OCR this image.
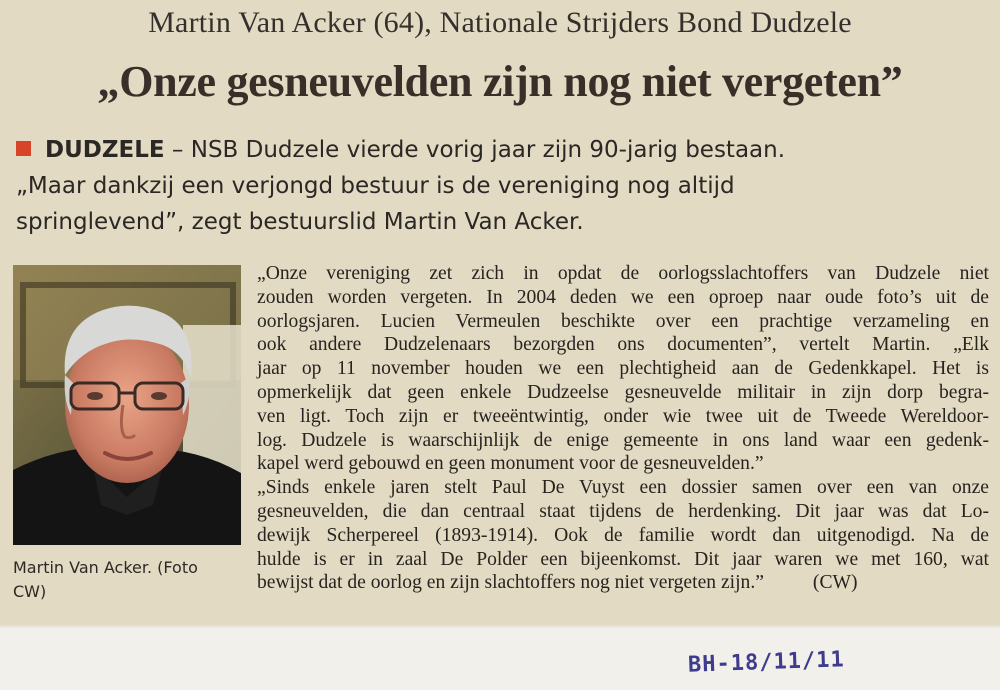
Martin Van Acker (64), Nationale Strijders Bond Dudzele
„Onze gesneuvelden zijn nog niet vergeten”
DUDZELE – NSB Dudzele vierde vorig jaar zijn 90-jarig bestaan.
„Maar dankzij een verjongd bestuur is de vereniging nog altijd
springlevend”, zegt bestuurslid Martin Van Acker.
Martin Van Acker. (Foto
CW)
„Onze vereniging zet zich in opdat de oorlogsslachtoffers van Dudzele niet
zouden worden vergeten. In 2004 deden we een oproep naar oude foto’s uit de
oorlogsjaren. Lucien Vermeulen beschikte over een prachtige verzameling en
ook andere Dudzelenaars bezorgden ons documenten”, vertelt Martin. „Elk
jaar op 11 november houden we een plechtigheid aan de Gedenkkapel. Het is
opmerkelijk dat geen enkele Dudzeelse gesneuvelde militair in zijn dorp begra-
ven ligt. Toch zijn er tweeëntwintig, onder wie twee uit de Tweede Wereldoor-
log. Dudzele is waarschijnlijk de enige gemeente in ons land waar een gedenk-
kapel werd gebouwd en geen monument voor de gesneuvelden.”
„Sinds enkele jaren stelt Paul De Vuyst een dossier samen over een van onze
gesneuvelden, die dan centraal staat tijdens de herdenking. Dit jaar was dat Lo-
dewijk Scherpereel (1893-1914). Ook de familie wordt dan uitgenodigd. Na de
hulde is er in zaal De Polder een bijeenkomst. Dit jaar waren we met 160, wat
bewijst dat de oorlog en zijn slachtoffers nog niet vergeten zijn.”          (CW)
BH-18/11/11
